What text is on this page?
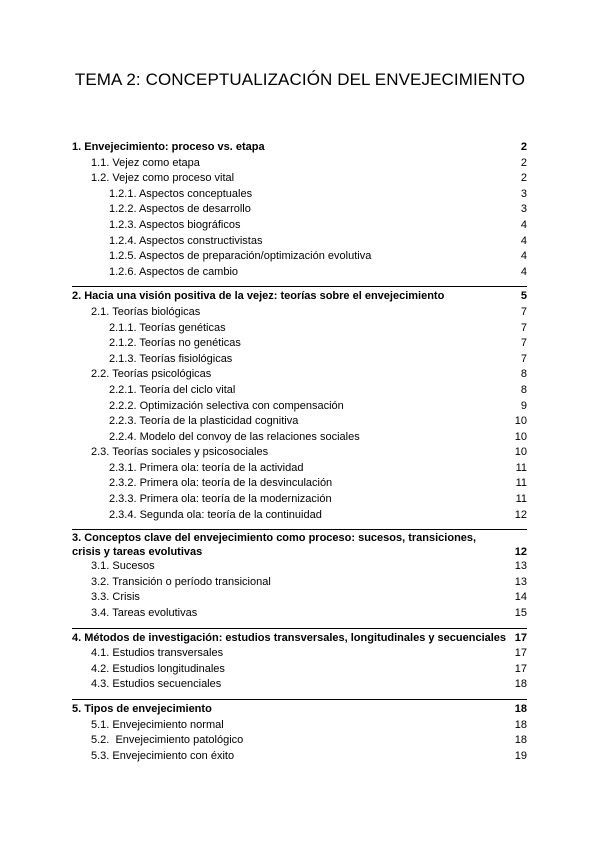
TEMA 2: CONCEPTUALIZACIÓN DEL ENVEJECIMIENTO
1. Envejecimiento: proceso vs. etapa	2
1.1. Vejez como etapa	2
1.2. Vejez como proceso vital	2
1.2.1. Aspectos conceptuales	3
1.2.2. Aspectos de desarrollo	3
1.2.3. Aspectos biográficos	4
1.2.4. Aspectos constructivistas	4
1.2.5. Aspectos de preparación/optimización evolutiva	4
1.2.6. Aspectos de cambio	4
2. Hacia una visión positiva de la vejez: teorías sobre el envejecimiento	5
2.1. Teorías biológicas	7
2.1.1. Teorías genéticas	7
2.1.2. Teorías no genéticas	7
2.1.3. Teorías fisiológicas	7
2.2. Teorías psicológicas	8
2.2.1. Teoría del ciclo vital	8
2.2.2. Optimización selectiva con compensación	9
2.2.3. Teoría de la plasticidad cognitiva	10
2.2.4. Modelo del convoy de las relaciones sociales	10
2.3. Teorías sociales y psicosociales	10
2.3.1. Primera ola: teoría de la actividad	11
2.3.2. Primera ola: teoría de la desvinculación	11
2.3.3. Primera ola: teoría de la modernización	11
2.3.4. Segunda ola: teoría de la continuidad	12
3. Conceptos clave del envejecimiento como proceso: sucesos, transiciones, crisis y tareas evolutivas	12
3.1. Sucesos	13
3.2. Transición o período transicional	13
3.3. Crisis	14
3.4. Tareas evolutivas	15
4. Métodos de investigación: estudios transversales, longitudinales y secuenciales 17
4.1. Estudios transversales	17
4.2. Estudios longitudinales	17
4.3. Estudios secuenciales	18
5. Tipos de envejecimiento	18
5.1. Envejecimiento normal	18
5.2.  Envejecimiento patológico	18
5.3. Envejecimiento con éxito	19
